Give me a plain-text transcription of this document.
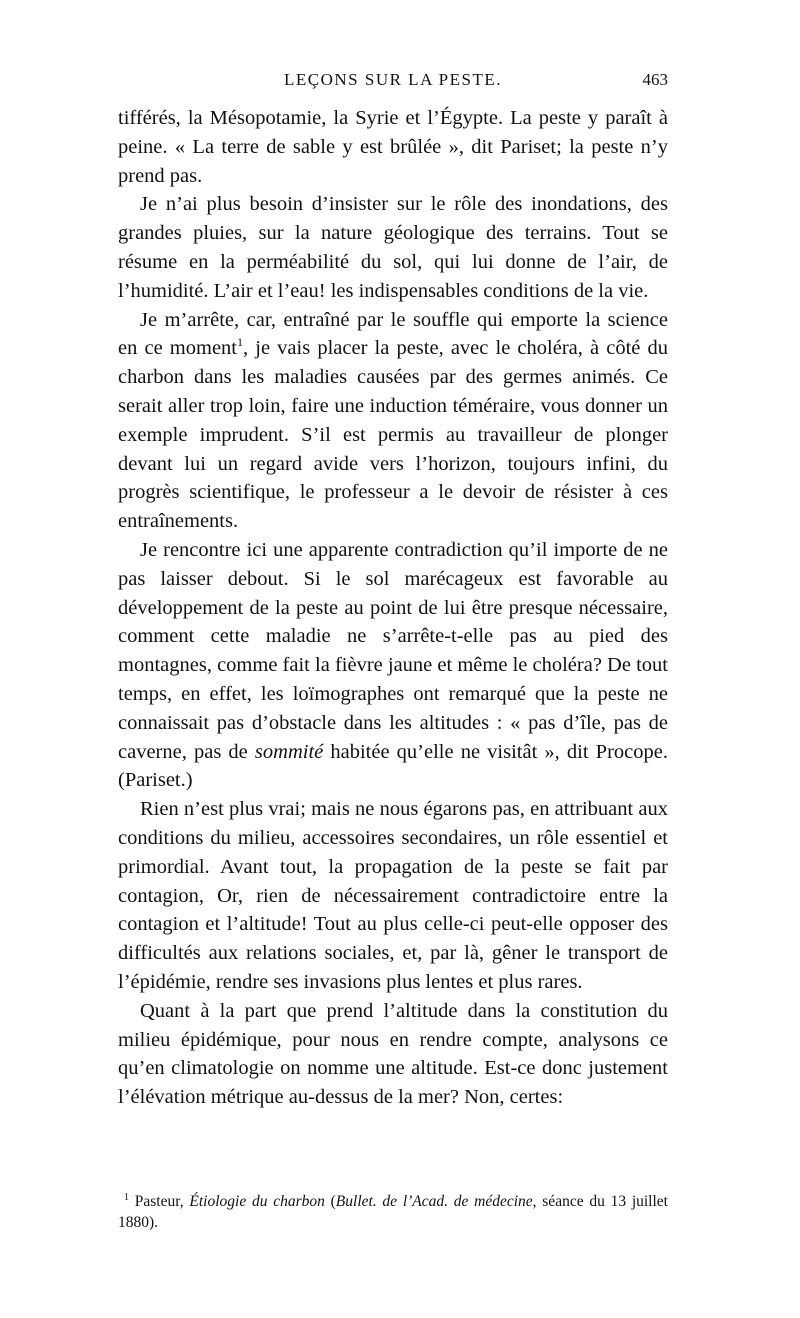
LEÇONS SUR LA PESTE.	463

tifférés, la Mésopotamie, la Syrie et l’Égypte. La peste y paraît à peine. « La terre de sable y est brûlée », dit Pariset; la peste n’y prend pas.

Je n’ai plus besoin d’insister sur le rôle des inondations, des grandes pluies, sur la nature géologique des terrains. Tout se résume en la perméabilité du sol, qui lui donne de l’air, de l’humidité. L’air et l’eau! les indispensables conditions de la vie.

Je m’arrête, car, entraîné par le souffle qui emporte la science en ce moment$^1$, je vais placer la peste, avec le choléra, à côté du charbon dans les maladies causées par des germes animés. Ce serait aller trop loin, faire une induction téméraire, vous donner un exemple imprudent. S’il est permis au travailleur de plonger devant lui un regard avide vers l’horizon, toujours infini, du progrès scientifique, le professeur a le devoir de résister à ces entraînements.

Je rencontre ici une apparente contradiction qu’il importe de ne pas laisser debout. Si le sol marécageux est favorable au développement de la peste au point de lui être presque nécessaire, comment cette maladie ne s’arrête-t-elle pas au pied des montagnes, comme fait la fièvre jaune et même le choléra? De tout temps, en effet, les loïmographes ont remarqué que la peste ne connaissait pas d’obstacle dans les altitudes : « pas d’île, pas de caverne, pas de sommité habitée qu’elle ne visitât », dit Procope. (Pariset.)

Rien n’est plus vrai; mais ne nous égarons pas, en attribuant aux conditions du milieu, accessoires secondaires, un rôle essentiel et primordial. Avant tout, la propagation de la peste se fait par contagion, Or, rien de nécessairement contradictoire entre la contagion et l’altitude! Tout au plus celle-ci peut-elle opposer des difficultés aux relations sociales, et, par là, gêner le transport de l’épidémie, rendre ses invasions plus lentes et plus rares.

Quant à la part que prend l’altitude dans la constitution du milieu épidémique, pour nous en rendre compte, analysons ce qu’en climatologie on nomme une altitude. Est-ce donc justement l’élévation métrique au-dessus de la mer? Non, certes:

$^1$ Pasteur, Étiologie du charbon (Bullet. de l’Acad. de médecine, séance du 13 juillet 1880).
